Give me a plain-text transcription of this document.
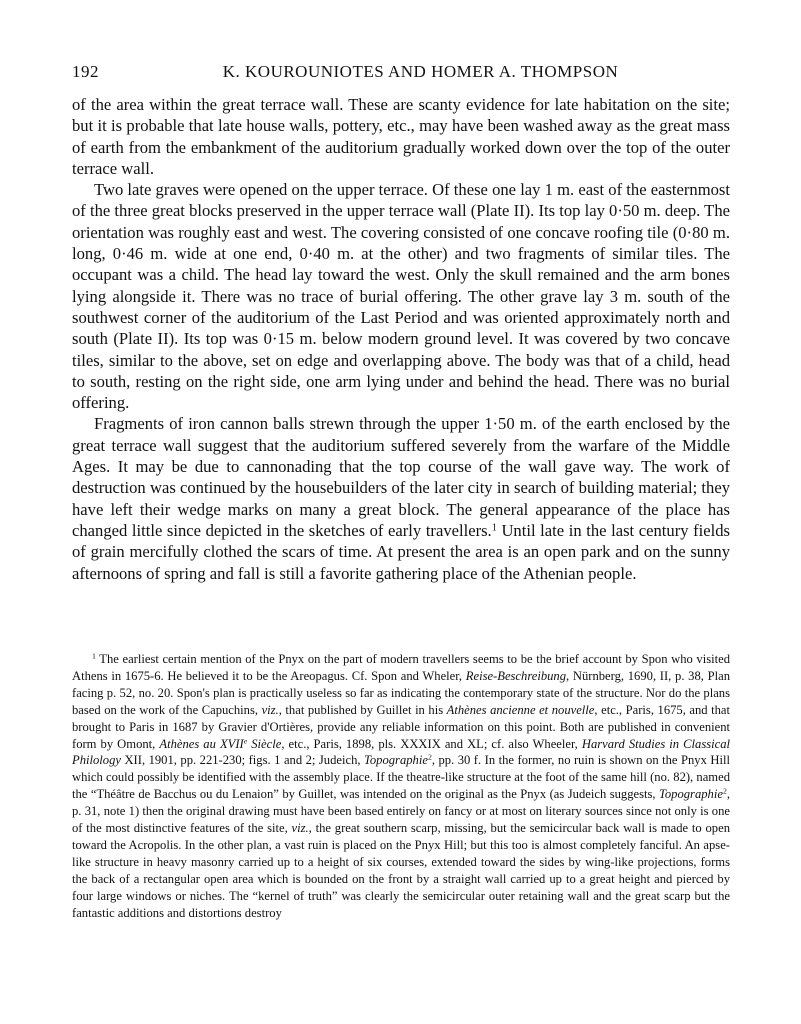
192	K. KOUROUNIOTES AND HOMER A. THOMPSON

of the area within the great terrace wall. These are scanty evidence for late habitation on the site; but it is probable that late house walls, pottery, etc., may have been washed away as the great mass of earth from the embankment of the auditorium gradually worked down over the top of the outer terrace wall.

Two late graves were opened on the upper terrace. Of these one lay 1 m. east of the easternmost of the three great blocks preserved in the upper terrace wall (Plate II). Its top lay 0·50 m. deep. The orientation was roughly east and west. The covering consisted of one concave roofing tile (0·80 m. long, 0·46 m. wide at one end, 0·40 m. at the other) and two fragments of similar tiles. The occupant was a child. The head lay toward the west. Only the skull remained and the arm bones lying alongside it. There was no trace of burial offering. The other grave lay 3 m. south of the southwest corner of the auditorium of the Last Period and was oriented approximately north and south (Plate II). Its top was 0·15 m. below modern ground level. It was covered by two concave tiles, similar to the above, set on edge and overlapping above. The body was that of a child, head to south, resting on the right side, one arm lying under and behind the head. There was no burial offering.

Fragments of iron cannon balls strewn through the upper 1·50 m. of the earth enclosed by the great terrace wall suggest that the auditorium suffered severely from the warfare of the Middle Ages. It may be due to cannonading that the top course of the wall gave way. The work of destruction was continued by the housebuilders of the later city in search of building material; they have left their wedge marks on many a great block. The general appearance of the place has changed little since depicted in the sketches of early travellers.$^1$ Until late in the last century fields of grain mercifully clothed the scars of time. At present the area is an open park and on the sunny afternoons of spring and fall is still a favorite gathering place of the Athenian people.

$^1$ The earliest certain mention of the Pnyx on the part of modern travellers seems to be the brief account by Spon who visited Athens in 1675-6. He believed it to be the Areopagus. Cf. Spon and Wheler, Reise-Beschreibung, Nürnberg, 1690, II, p. 38, Plan facing p. 52, no. 20. Spon's plan is practically useless so far as indicating the contemporary state of the structure. Nor do the plans based on the work of the Capuchins, viz., that published by Guillet in his Athènes ancienne et nouvelle, etc., Paris, 1675, and that brought to Paris in 1687 by Gravier d'Ortières, provide any reliable information on this point. Both are published in convenient form by Omont, Athènes au XVIIe Siècle, etc., Paris, 1898, pls. XXXIX and XL; cf. also Wheeler, Harvard Studies in Classical Philology XII, 1901, pp. 221-230; figs. 1 and 2; Judeich, Topographie$^2$, pp. 30 f. In the former, no ruin is shown on the Pnyx Hill which could possibly be identified with the assembly place. If the theatre-like structure at the foot of the same hill (no. 82), named the “Théâtre de Bacchus ou du Lenaion” by Guillet, was intended on the original as the Pnyx (as Judeich suggests, Topographie$^2$, p. 31, note 1) then the original drawing must have been based entirely on fancy or at most on literary sources since not only is one of the most distinctive features of the site, viz., the great southern scarp, missing, but the semicircular back wall is made to open toward the Acropolis. In the other plan, a vast ruin is placed on the Pnyx Hill; but this too is almost completely fanciful. An apse-like structure in heavy masonry carried up to a height of six courses, extended toward the sides by wing-like projections, forms the back of a rectangular open area which is bounded on the front by a straight wall carried up to a great height and pierced by four large windows or niches. The “kernel of truth” was clearly the semicircular outer retaining wall and the great scarp but the fantastic additions and distortions destroy
